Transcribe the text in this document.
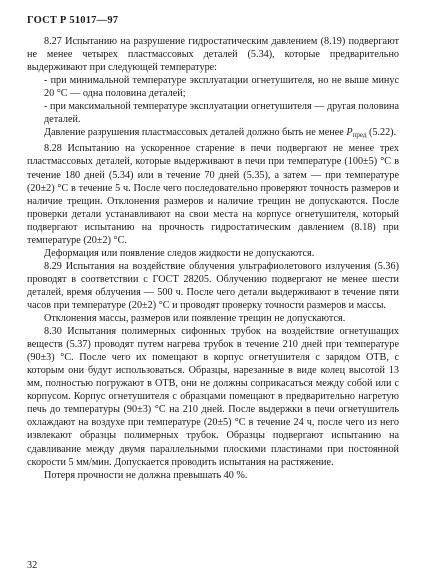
ГОСТ Р 51017—97

8.27 Испытанию на разрушение гидростатическим давлением (8.19) подвергают не менее четырех пластмассовых деталей (5.34), которые предварительно выдерживают при следующей температуре:

- при минимальной температуре эксплуатации огнетушителя, но не выше минус 20 °С — одна половина деталей;

- при максимальной температуре эксплуатации огнетушителя — другая половина деталей.

Давление разрушения пластмассовых деталей должно быть не менее $P_{пред}$ (5.22).

8.28 Испытанию на ускоренное старение в печи подвергают не менее трех пластмассовых деталей, которые выдерживают в печи при температуре (100±5) °С в течение 180 дней (5.34) или в течение 70 дней (5.35), а затем — при температуре (20±2) °С в течение 5 ч. После чего последовательно проверяют точность размеров и наличие трещин. Отклонения размеров и наличие трещин не допускаются. После проверки детали устанавливают на свои места на корпусе огнетушителя, который подвергают испытанию на прочность гидростатическим давлением (8.18) при температуре (20±2) °С.

Деформация или появление следов жидкости не допускаются.

8.29 Испытания на воздействие облучения ультрафиолетового излучения (5.36) проводят в соответствии с ГОСТ 28205. Облучению подвергают не менее шести деталей, время облучения — 500 ч. После чего детали выдерживают в течение пяти часов при температуре (20±2) °С и проводят проверку точности размеров и массы.

Отклонения массы, размеров или появление трещин не допускаются.

8.30 Испытания полимерных сифонных трубок на воздействие огнетушащих веществ (5.37) проводят путем нагрева трубок в течение 210 дней при температуре (90±3) °С. После чего их помещают в корпус огнетушителя с зарядом ОТВ, с которым они будут использоваться. Образцы, нарезанные в виде колец высотой 13 мм, полностью погружают в ОТВ, они не должны соприкасаться между собой или с корпусом. Корпус огнетушителя с образцами помещают в предварительно нагретую печь до температуры (90±3) °С на 210 дней. После выдержки в печи огнетушитель охлаждают на воздухе при температуре (20±5) °С в течение 24 ч, после чего из него извлекают образцы полимерных трубок. Образцы подвергают испытанию на сдавливание между двумя параллельными плоскими пластинами при постоянной скорости 5 мм/мин. Допускается проводить испытания на растяжение.

Потеря прочности не должна превышать 40 %.

32
